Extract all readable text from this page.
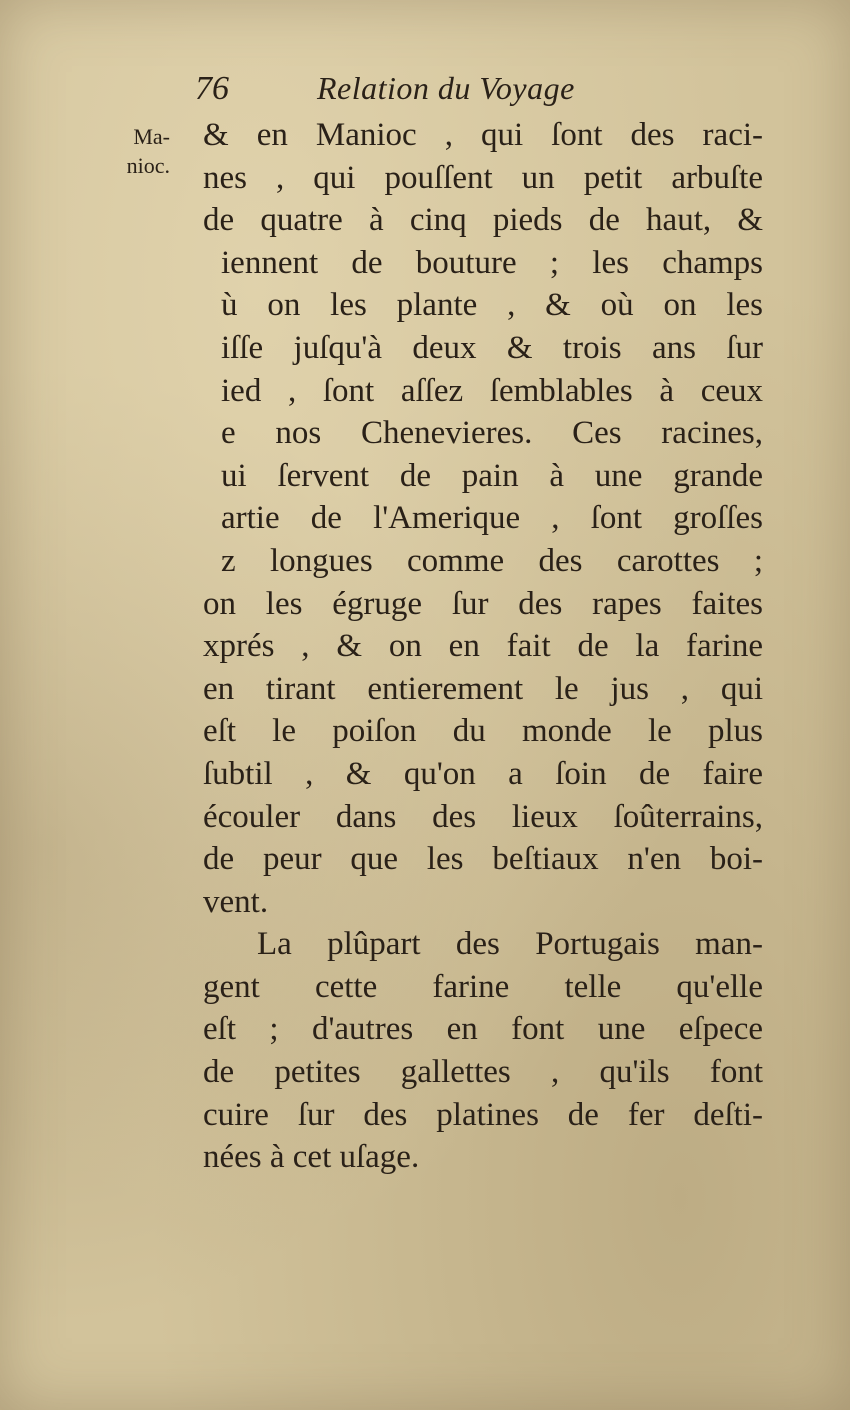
76	Relation du Voyage
Ma-
nioc.
& en Manioc , qui ſont des raci-
nes , qui pouſſent un petit arbuſte
de quatre à cinq pieds de haut, &
iennent de bouture ; les champs
ù on les plante , & où on les
iſſe juſqu'à deux & trois ans ſur
ied , ſont aſſez ſemblables à ceux
e nos Chenevieres. Ces racines,
ui ſervent de pain à une grande
artie de l'Amerique , ſont groſſes
z longues comme des carottes ;
on les égruge ſur des rapes faites
xprés , & on en fait de la farine
en tirant entierement le jus , qui
eſt le poiſon du monde le plus
ſubtil , & qu'on a ſoin de faire
écouler dans des lieux ſoûterrains,
de peur que les beſtiaux n'en boi-
vent.
La plûpart des Portugais man-
gent cette farine telle qu'elle
eſt ; d'autres en font une eſpece
de petites gallettes , qu'ils font
cuire ſur des platines de fer deſti-
nées à cet uſage.
